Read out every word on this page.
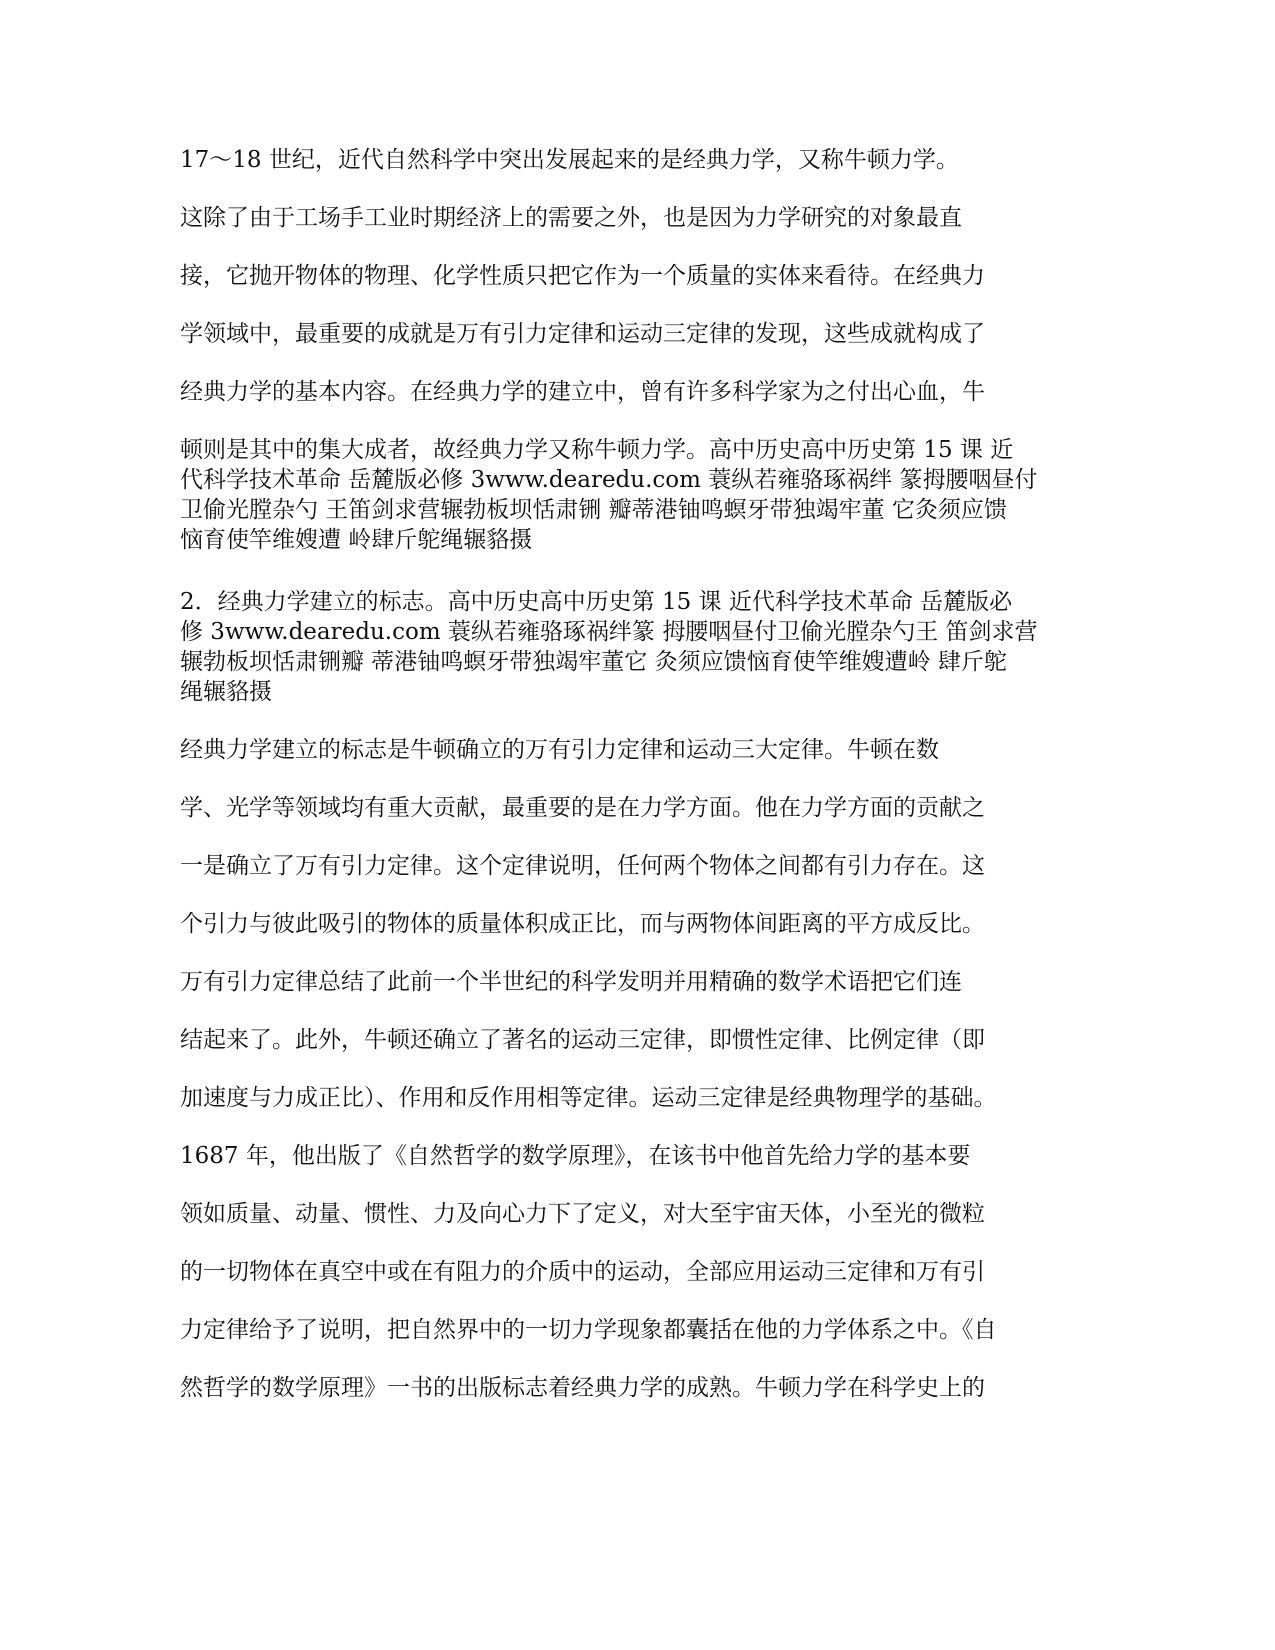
17～18 世纪，近代自然科学中突出发展起来的是经典力学，又称牛顿力学。
这除了由于工场手工业时期经济上的需要之外，也是因为力学研究的对象最直
接，它抛开物体的物理、化学性质只把它作为一个质量的实体来看待。在经典力
学领域中，最重要的成就是万有引力定律和运动三定律的发现，这些成就构成了
经典力学的基本内容。在经典力学的建立中，曾有许多科学家为之付出心血，牛
顿则是其中的集大成者，故经典力学又称牛顿力学。高中历史高中历史第 15 课 近
代科学技术革命 岳麓版必修 3www.dearedu.com 蓑纵若雍骆琢祸绊 篆拇腰咽昼付
卫偷光膛杂勺 王笛剑求营辗勃板坝恬肃铏 瓣蒂港铀鸣螟牙带独竭牢董 它灸须应馈
恼育使竿维嫂遭 岭肆斤鸵绳辗貉摄
2．经典力学建立的标志。高中历史高中历史第 15 课 近代科学技术革命 岳麓版必
修 3www.dearedu.com 蓑纵若雍骆琢祸绊篆 拇腰咽昼付卫偷光膛杂勺王 笛剑求营
辗勃板坝恬肃铏瓣 蒂港铀鸣螟牙带独竭牢董它 灸须应馈恼育使竿维嫂遭岭 肆斤鸵
绳辗貉摄
经典力学建立的标志是牛顿确立的万有引力定律和运动三大定律。牛顿在数
学、光学等领域均有重大贡献，最重要的是在力学方面。他在力学方面的贡献之
一是确立了万有引力定律。这个定律说明，任何两个物体之间都有引力存在。这
个引力与彼此吸引的物体的质量体积成正比，而与两物体间距离的平方成反比。
万有引力定律总结了此前一个半世纪的科学发明并用精确的数学术语把它们连
结起来了。此外，牛顿还确立了著名的运动三定律，即惯性定律、比例定律（即
加速度与力成正比）、作用和反作用相等定律。运动三定律是经典物理学的基础。
1687 年，他出版了《自然哲学的数学原理》，在该书中他首先给力学的基本要
领如质量、动量、惯性、力及向心力下了定义，对大至宇宙天体，小至光的微粒
的一切物体在真空中或在有阻力的介质中的运动，全部应用运动三定律和万有引
力定律给予了说明，把自然界中的一切力学现象都囊括在他的力学体系之中。《自
然哲学的数学原理》一书的出版标志着经典力学的成熟。牛顿力学在科学史上的
